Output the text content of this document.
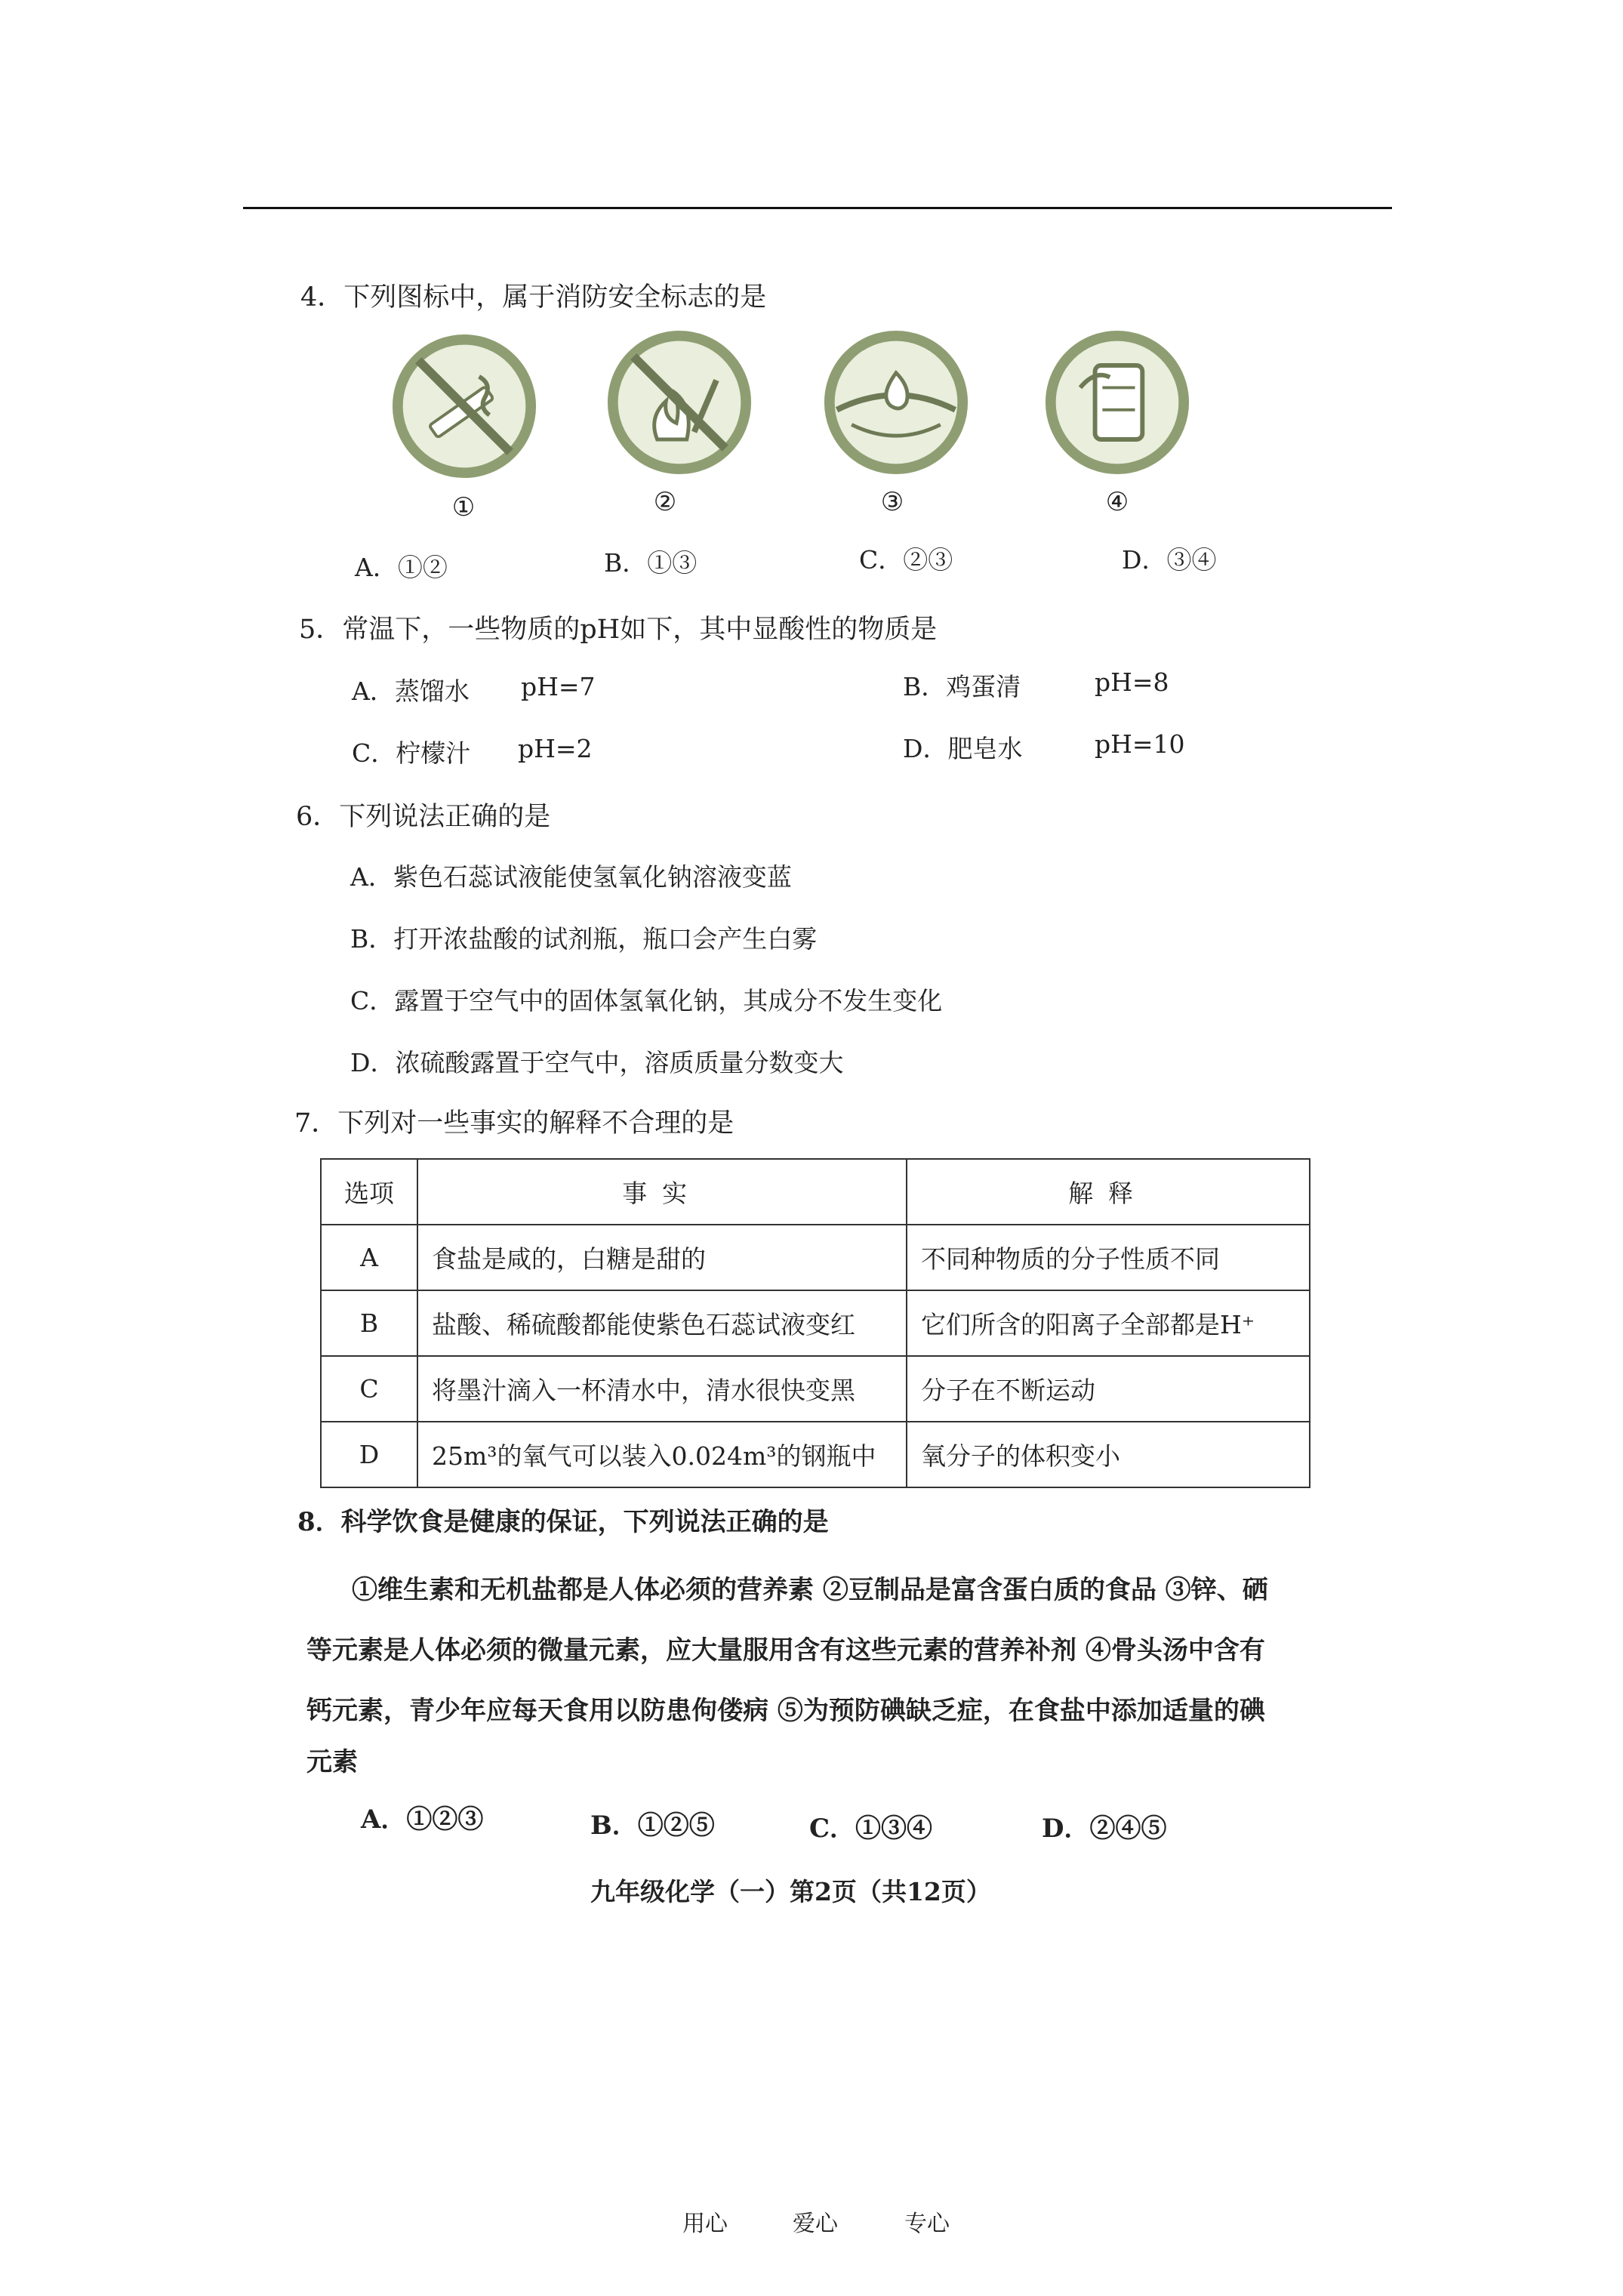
4．下列图标中，属于消防安全标志的是
①	②	③	④
A．①②	B．①③	C．②③	D．③④
5．常温下，一些物质的pH如下，其中显酸性的物质是
A．蒸馏水 pH=7	B．鸡蛋清	pH=8
C．柠檬汁 pH=2	D．肥皂水	pH=10
6．下列说法正确的是
A．紫色石蕊试液能使氢氧化钠溶液变蓝
B．打开浓盐酸的试剂瓶，瓶口会产生白雾
C．露置于空气中的固体氢氧化钠，其成分不发生变化
D．浓硫酸露置于空气中，溶质质量分数变大
7．下列对一些事实的解释不合理的是
选项	事实	解释
A	食盐是咸的，白糖是甜的	不同种物质的分子性质不同
B	盐酸、稀硫酸都能使紫色石蕊试液变红	它们所含的阳离子全部都是H⁺
C	将墨汁滴入一杯清水中，清水很快变黑	分子在不断运动
D	25m³的氧气可以装入0.024m³的钢瓶中	氧分子的体积变小
8．科学饮食是健康的保证，下列说法正确的是
①维生素和无机盐都是人体必须的营养素 ②豆制品是富含蛋白质的食品 ③锌、硒
等元素是人体必须的微量元素，应大量服用含有这些元素的营养补剂 ④骨头汤中含有
钙元素，青少年应每天食用以防患佝偻病 ⑤为预防碘缺乏症，在食盐中添加适量的碘
元素
A．①②③	B．①②⑤	C．①③④	D．②④⑤
九年级化学（一）第2页（共12页）
用心	爱心	专心
